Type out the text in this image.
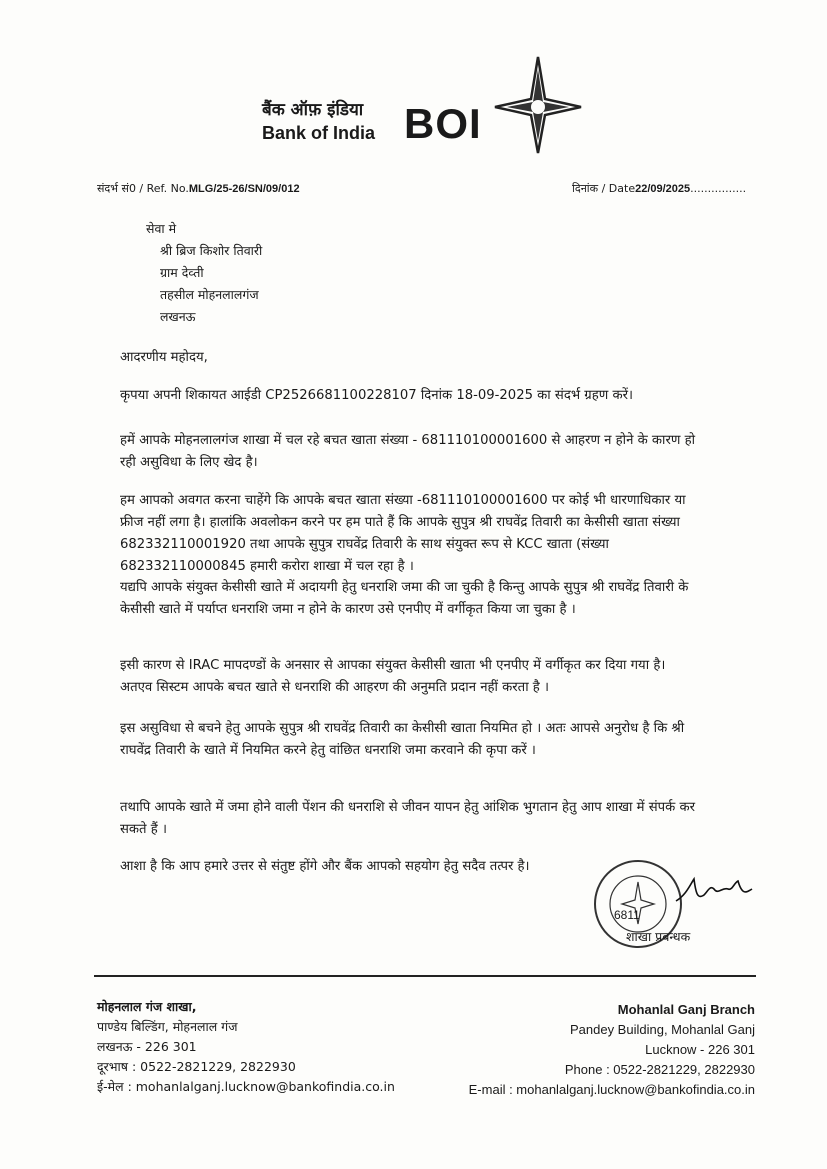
बैंक ऑफ़ इंडिया
Bank of India BOI
संदर्भ सं0 / Ref. No.MLG/25-26/SN/09/012	दिनांक / Date22/09/2025................
सेवा मे
श्री ब्रिज किशोर तिवारी
ग्राम देव्ती
तहसील मोहनलालगंज
लखनऊ
आदरणीय महोदय,
कृपया अपनी शिकायत आईडी CP2526681100228107 दिनांक 18-09-2025 का संदर्भ ग्रहण करें।
हमें आपके मोहनलालगंज शाखा में चल रहे बचत खाता संख्या - 681110100001600 से आहरण न होने के कारण हो रही असुविधा के लिए खेद है।
हम आपको अवगत करना चाहेंगे कि आपके बचत खाता संख्या -681110100001600 पर कोई भी धारणाधिकार या फ्रीज नहीं लगा है। हालांकि अवलोकन करने पर हम पाते हैं कि आपके सुपुत्र श्री राघवेंद्र तिवारी का केसीसी खाता संख्या 682332110001920 तथा आपके सुपुत्र राघवेंद्र तिवारी के साथ संयुक्त रूप से KCC खाता (संख्या 682332110000845 हमारी करोरा शाखा में चल रहा है ।
यद्यपि आपके संयुक्त केसीसी खाते में अदायगी हेतु धनराशि जमा की जा चुकी है किन्तु आपके सुपुत्र श्री राघवेंद्र तिवारी के केसीसी खाते में पर्याप्त धनराशि जमा न होने के कारण उसे एनपीए में वर्गीकृत किया जा चुका है ।
इसी कारण से IRAC मापदण्डों के अनसार से आपका संयुक्त केसीसी खाता भी एनपीए में वर्गीकृत कर दिया गया है। अतएव सिस्टम आपके बचत खाते से धनराशि की आहरण की अनुमति प्रदान नहीं करता है ।
इस असुविधा से बचने हेतु आपके सुपुत्र श्री राघवेंद्र तिवारी का केसीसी खाता नियमित हो । अतः आपसे अनुरोध है कि श्री राघवेंद्र तिवारी के खाते में नियमित करने हेतु वांछित धनराशि जमा करवाने की कृपा करें ।
तथापि आपके खाते में जमा होने वाली पेंशन की धनराशि से जीवन यापन हेतु आंशिक भुगतान हेतु आप शाखा में संपर्क कर सकते हैं ।
आशा है कि आप हमारे उत्तर से संतुष्ट होंगे और बैंक आपको सहयोग हेतु सदैव तत्पर है।
6811
शाखा प्रबन्धक
मोहनलाल गंज शाखा,
पाण्डेय बिल्डिंग, मोहनलाल गंज
लखनऊ - 226 301
दूरभाष : 0522-2821229, 2822930
ई-मेल : mohanlalganj.lucknow@bankofindia.co.in
Mohanlal Ganj Branch
Pandey Building, Mohanlal Ganj
Lucknow - 226 301
Phone : 0522-2821229, 2822930
E-mail : mohanlalganj.lucknow@bankofindia.co.in
